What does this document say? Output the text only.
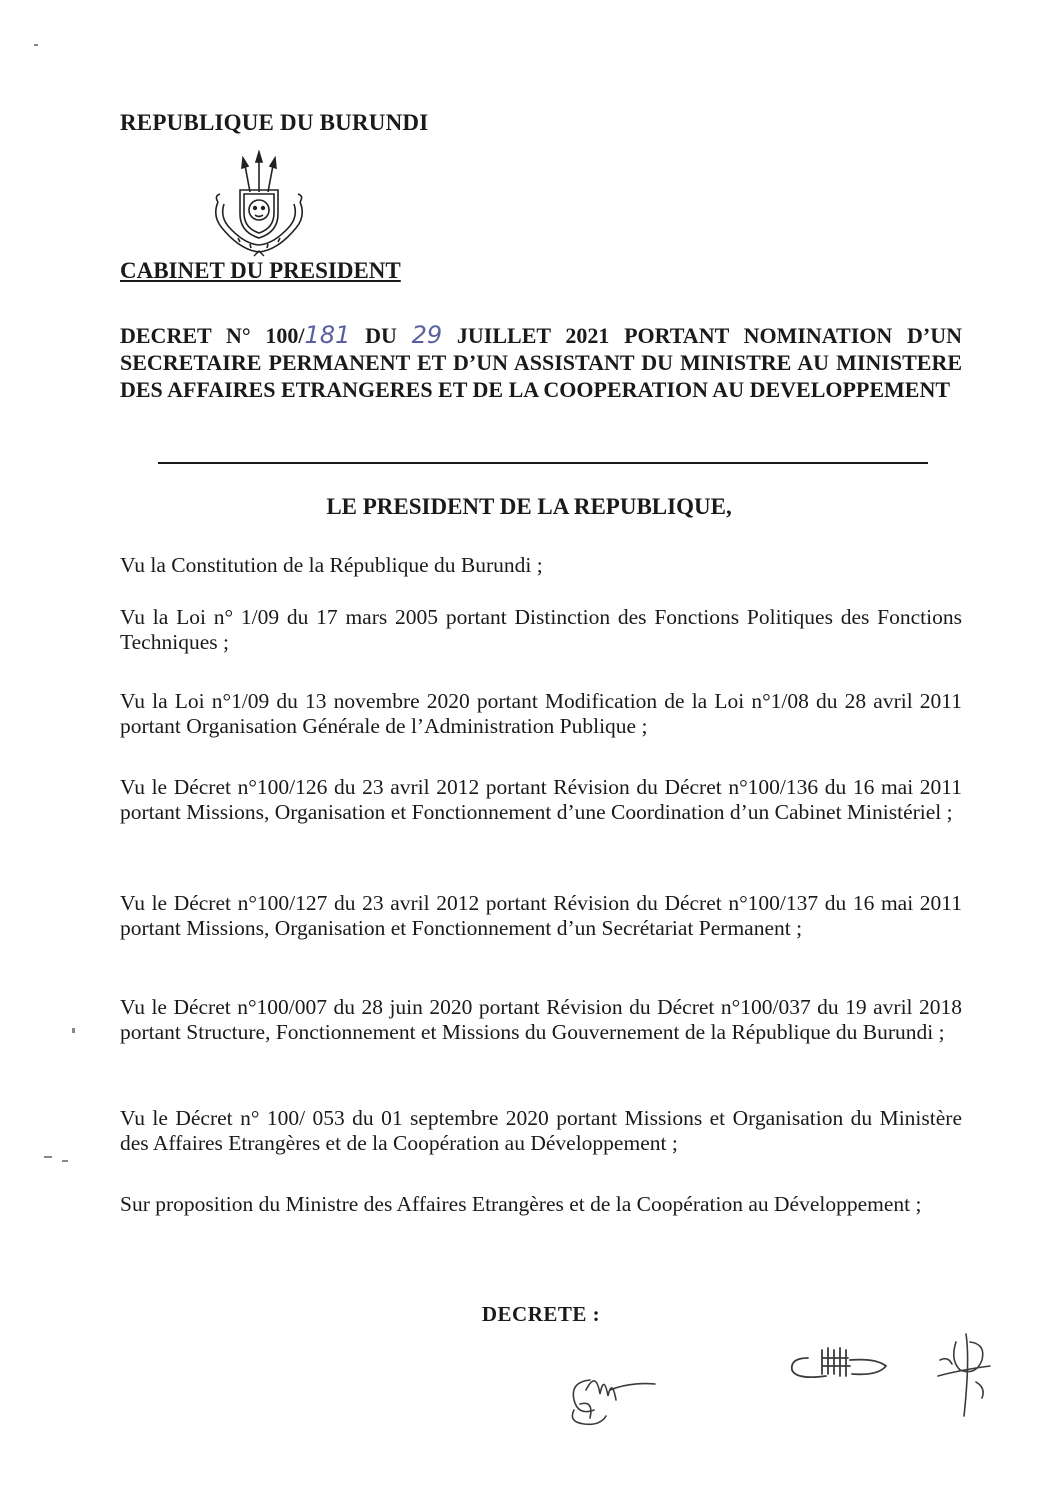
REPUBLIQUE DU BURUNDI
CABINET DU PRESIDENT
DECRET N° 100/181 DU 29 JUILLET 2021 PORTANT NOMINATION D’UN SECRETAIRE PERMANENT ET D’UN ASSISTANT DU MINISTRE AU MINISTERE DES AFFAIRES ETRANGERES ET DE LA COOPERATION AU DEVELOPPEMENT
LE PRESIDENT DE LA REPUBLIQUE,
Vu la Constitution de la République du Burundi ;
Vu la Loi n° 1/09 du 17 mars 2005 portant Distinction des Fonctions Politiques des Fonctions Techniques ;
Vu la Loi n°1/09 du 13 novembre 2020 portant Modification de la Loi n°1/08 du 28 avril 2011 portant Organisation Générale de l’Administration Publique ;
Vu le Décret n°100/126 du 23 avril 2012 portant Révision du Décret n°100/136 du 16 mai 2011 portant Missions, Organisation et Fonctionnement d’une Coordination d’un Cabinet Ministériel ;
Vu le Décret n°100/127 du 23 avril 2012 portant Révision du Décret n°100/137 du 16 mai 2011 portant Missions, Organisation et Fonctionnement d’un Secrétariat Permanent ;
Vu le Décret n°100/007 du 28 juin 2020 portant Révision du Décret n°100/037 du 19 avril 2018 portant Structure, Fonctionnement et Missions du Gouvernement de la République du Burundi ;
Vu le Décret n° 100/ 053 du 01 septembre 2020 portant Missions et Organisation du Ministère des Affaires Etrangères et de la Coopération au Développement ;
Sur proposition du Ministre des Affaires Etrangères et de la Coopération au Développement ;
DECRETE :
